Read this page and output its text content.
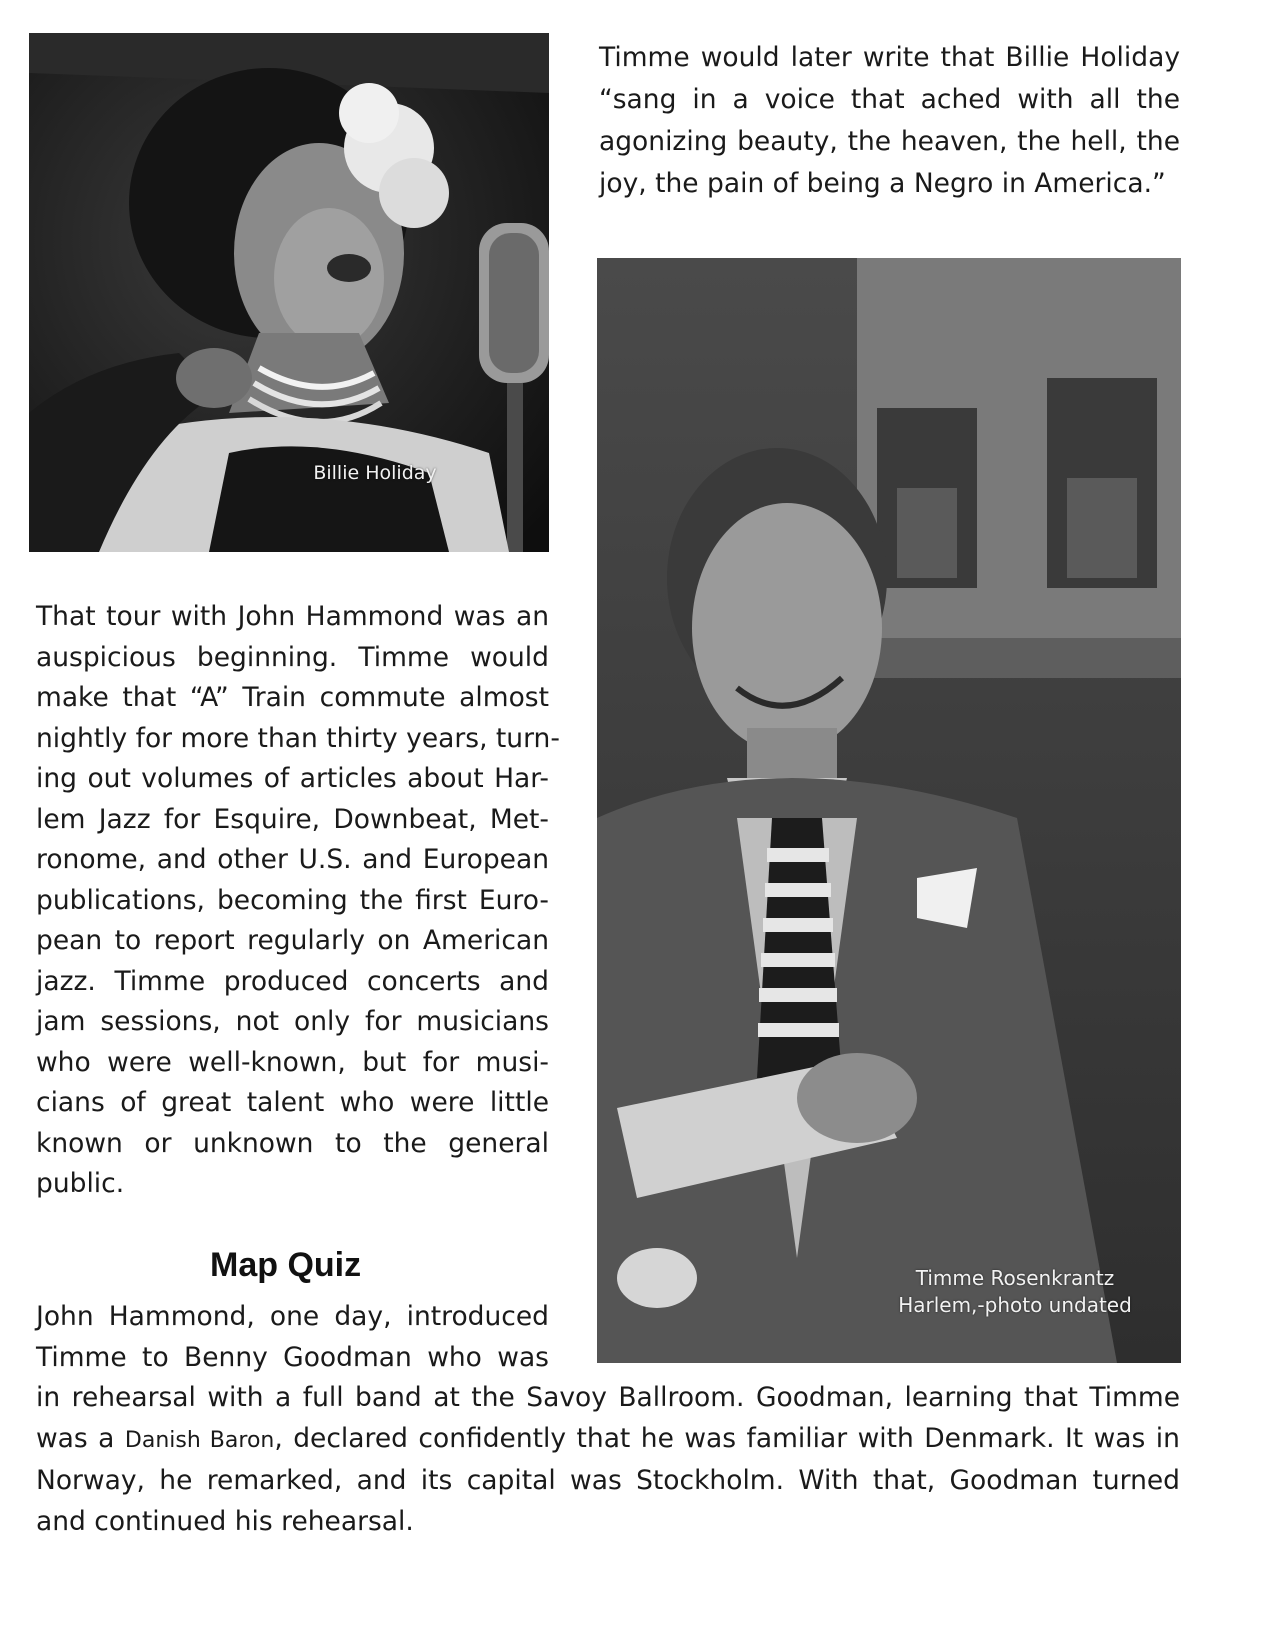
Billie Holiday
Timme would later write that Billie Holiday
“sang in a voice that ached with all the
agonizing beauty, the heaven, the hell, the
joy, the pain of being a Negro in America.”
Timme Rosenkrantz
Harlem,-photo undated
That tour with John Hammond was an
auspicious beginning. Timme would
make that “A” Train commute almost
nightly for more than thirty years, turn-
ing out volumes of articles about Har-
lem Jazz for Esquire, Downbeat, Met-
ronome, and other U.S. and European
publications, becoming the first Euro-
pean to report regularly on American
jazz. Timme produced concerts and
jam sessions, not only for musicians
who were well-known, but for musi-
cians of great talent who were little
known or unknown to the general
public.
Map Quiz
John Hammond, one day, introduced
Timme to Benny Goodman who was
in rehearsal with a full band at the Savoy Ballroom. Goodman, learning that Timme
was a Danish Baron, declared confidently that he was familiar with Denmark. It was in
Norway, he remarked, and its capital was Stockholm. With that, Goodman turned
and continued his rehearsal.
